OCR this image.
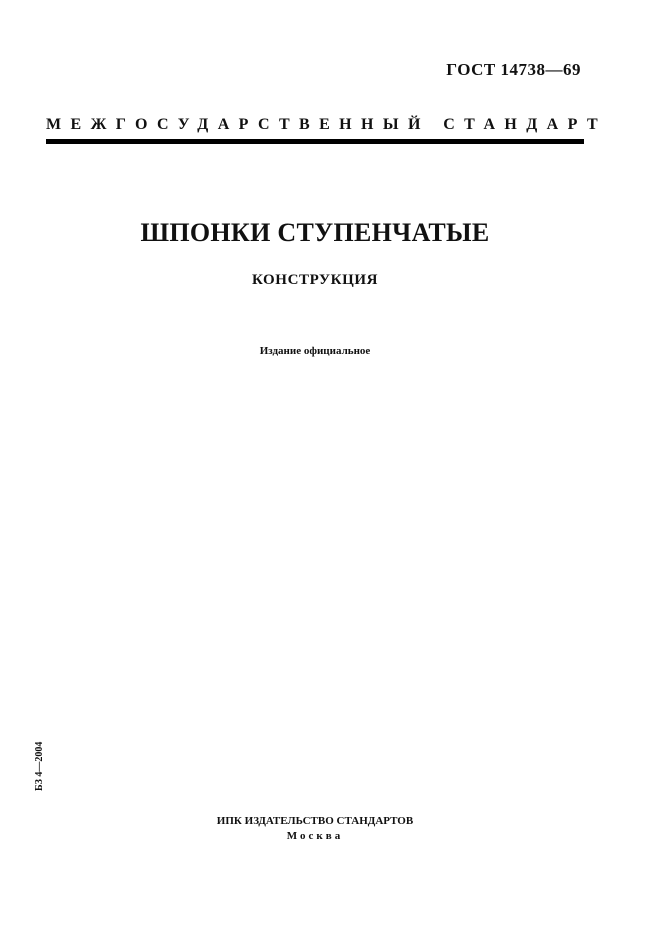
ГОСТ 14738—69
МЕЖГОСУДАРСТВЕННЫЙ СТАНДАРТ
ШПОНКИ СТУПЕНЧАТЫЕ
КОНСТРУКЦИЯ
Издание официальное
БЗ 4—2004
ИПК ИЗДАТЕЛЬСТВО СТАНДАРТОВ
Москва
